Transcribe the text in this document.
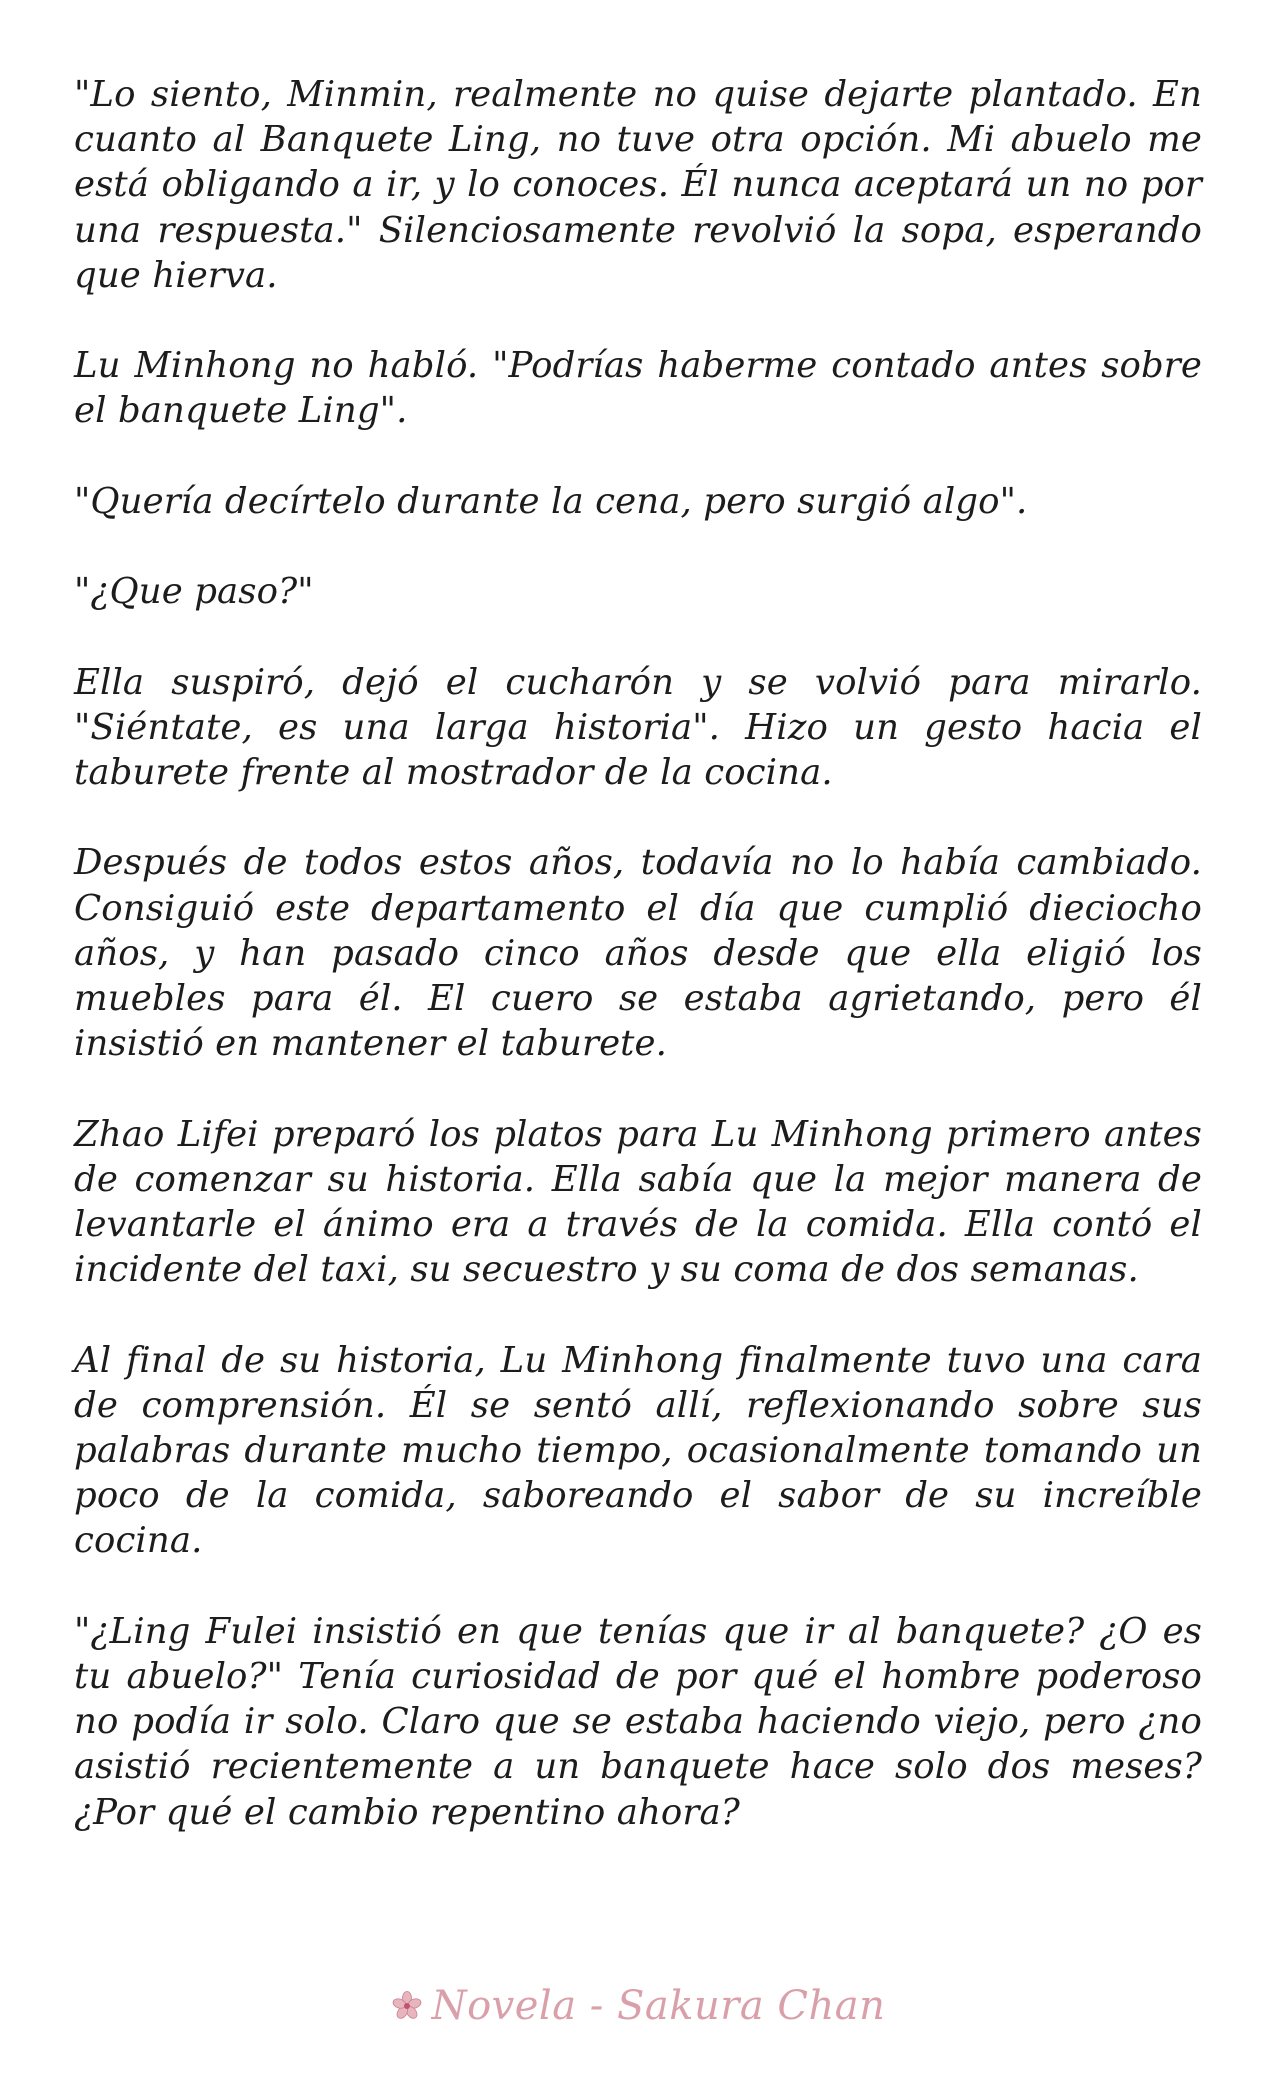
"Lo siento, Minmin, realmente no quise dejarte plantado. En cuanto al Banquete Ling, no tuve otra opción. Mi abuelo me está obligando a ir, y lo conoces. Él nunca aceptará un no por una respuesta." Silenciosamente revolvió la sopa, esperando que hierva.

Lu Minhong no habló. "Podrías haberme contado antes sobre el banquete Ling".

"Quería decírtelo durante la cena, pero surgió algo".

"¿Que paso?"

Ella suspiró, dejó el cucharón y se volvió para mirarlo. "Siéntate, es una larga historia". Hizo un gesto hacia el taburete frente al mostrador de la cocina.

Después de todos estos años, todavía no lo había cambiado. Consiguió este departamento el día que cumplió dieciocho años, y han pasado cinco años desde que ella eligió los muebles para él. El cuero se estaba agrietando, pero él insistió en mantener el taburete.

Zhao Lifei preparó los platos para Lu Minhong primero antes de comenzar su historia. Ella sabía que la mejor manera de levantarle el ánimo era a través de la comida. Ella contó el incidente del taxi, su secuestro y su coma de dos semanas.

Al final de su historia, Lu Minhong finalmente tuvo una cara de comprensión. Él se sentó allí, reflexionando sobre sus palabras durante mucho tiempo, ocasionalmente tomando un poco de la comida, saboreando el sabor de su increíble cocina.

"¿Ling Fulei insistió en que tenías que ir al banquete? ¿O es tu abuelo?" Tenía curiosidad de por qué el hombre poderoso no podía ir solo. Claro que se estaba haciendo viejo, pero ¿no asistió recientemente a un banquete hace solo dos meses? ¿Por qué el cambio repentino ahora?

Novela - Sakura Chan
